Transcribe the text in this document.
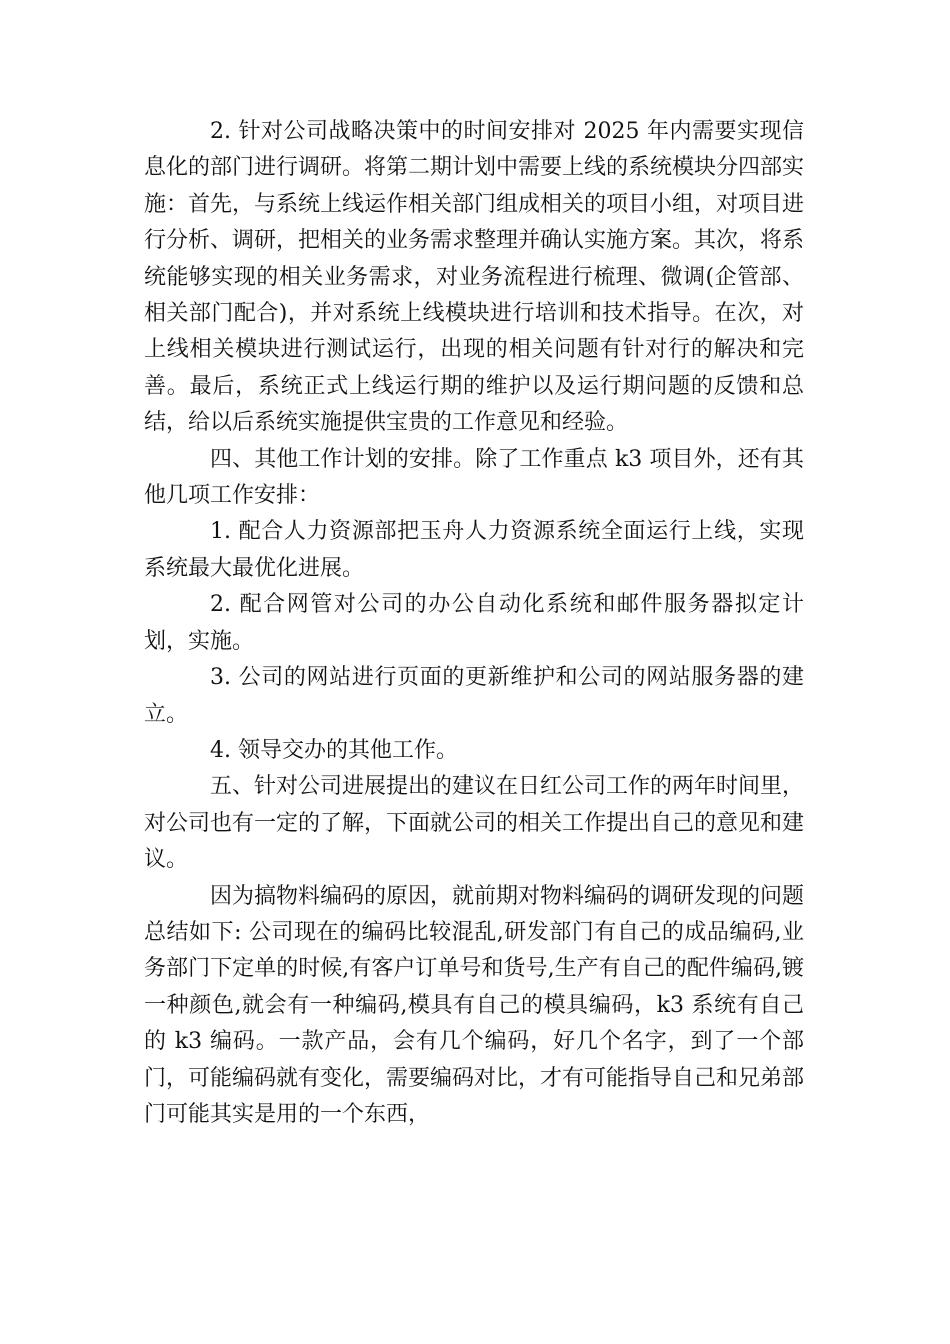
2. 针对公司战略决策中的时间安排对 2025 年内需要实现信息化的部门进行调研。将第二期计划中需要上线的系统模块分四部实施：首先，与系统上线运作相关部门组成相关的项目小组，对项目进行分析、调研，把相关的业务需求整理并确认实施方案。其次，将系统能够实现的相关业务需求，对业务流程进行梳理、微调(企管部、相关部门配合)，并对系统上线模块进行培训和技术指导。在次，对上线相关模块进行测试运行，出现的相关问题有针对行的解决和完善。最后，系统正式上线运行期的维护以及运行期问题的反馈和总结，给以后系统实施提供宝贵的工作意见和经验。

四、其他工作计划的安排。除了工作重点 k3 项目外，还有其他几项工作安排：

1. 配合人力资源部把玉舟人力资源系统全面运行上线，实现系统最大最优化进展。

2. 配合网管对公司的办公自动化系统和邮件服务器拟定计划，实施。

3. 公司的网站进行页面的更新维护和公司的网站服务器的建立。

4. 领导交办的其他工作。

五、针对公司进展提出的建议在日红公司工作的两年时间里，对公司也有一定的了解，下面就公司的相关工作提出自己的意见和建议。

因为搞物料编码的原因，就前期对物料编码的调研发现的问题总结如下: 公司现在的编码比较混乱,研发部门有自己的成品编码,业务部门下定单的时候,有客户订单号和货号,生产有自己的配件编码,镀一种颜色,就会有一种编码,模具有自己的模具编码，k3 系统有自己的 k3 编码。一款产品，会有几个编码，好几个名字，到了一个部门，可能编码就有变化，需要编码对比，才有可能指导自己和兄弟部门可能其实是用的一个东西，
